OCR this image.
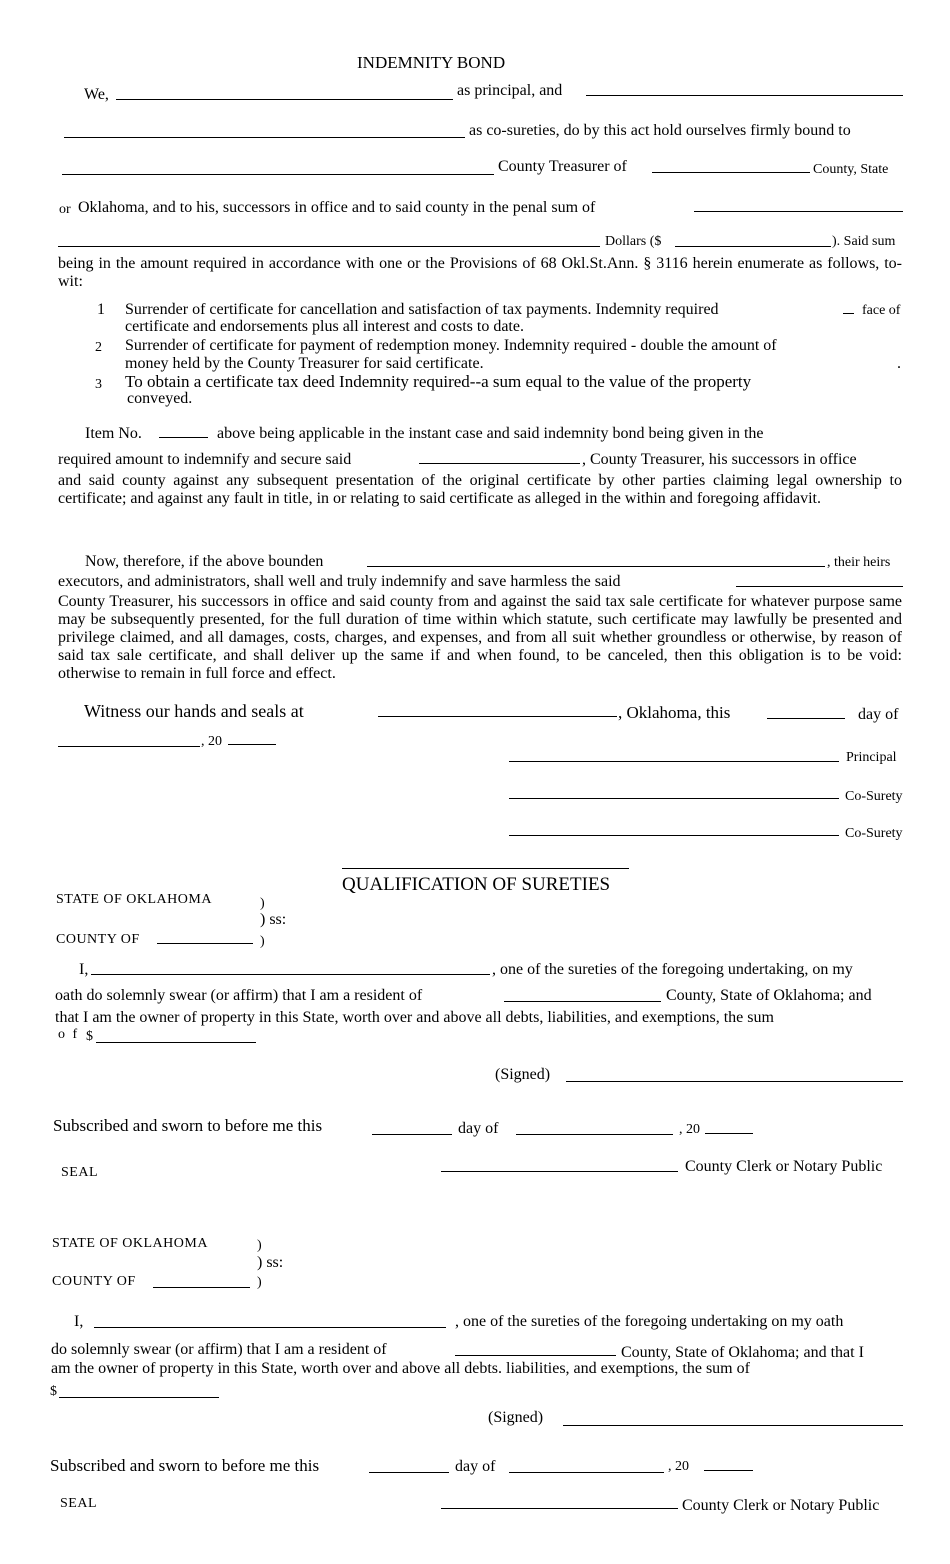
INDEMNITY BOND
We,	as principal, and
as co-sureties, do by this act hold ourselves firmly bound to
County Treasurer of	County, State
or Oklahoma, and to his, successors in office and to said county in the penal sum of
Dollars ($	). Said sum
being in the amount required in accordance with one or the Provisions of 68 Okl.St.Ann. § 3116 herein enumerate as follows, to-wit:
1 Surrender of certificate for cancellation and satisfaction of tax payments. Indemnity required	face of
certificate and endorsements plus all interest and costs to date.
2 Surrender of certificate for payment of redemption money. Indemnity required - double the amount of
money held by the County Treasurer for said certificate.	.
3 To obtain a certificate tax deed Indemnity required--a sum equal to the value of the property
conveyed.
Item No.	above being applicable in the instant case and said indemnity bond being given in the
required amount to indemnify and secure said	, County Treasurer, his successors in office
and said county against any subsequent presentation of the original certificate by other parties claiming legal ownership to certificate; and against any fault in title, in or relating to said certificate as alleged in the within and foregoing affidavit.
Now, therefore, if the above bounden	, their heirs
executors, and administrators, shall well and truly indemnify and save harmless the said
County Treasurer, his successors in office and said county from and against the said tax sale certificate for whatever purpose same may be subsequently presented, for the full duration of time within which statute, such certificate may lawfully be presented and privilege claimed, and all damages, costs, charges, and expenses, and from all suit whether groundless or otherwise, by reason of said tax sale certificate, and shall deliver up the same if and when found, to be canceled, then this obligation is to be void: otherwise to remain in full force and effect.
Witness our hands and seals at	, Oklahoma, this	day of
, 20
Principal
Co-Surety
Co-Surety
QUALIFICATION OF SURETIES
STATE OF OKLAHOMA	)
) ss:
COUNTY OF	)
I,	, one of the sureties of the foregoing undertaking, on my
oath do solemnly swear (or affirm) that I am a resident of	County, State of Oklahoma; and
that I am the owner of property in this State, worth over and above all debts, liabilities, and exemptions, the sum
o f $
(Signed)
Subscribed and sworn to before me this	day of	, 20
SEAL	County Clerk or Notary Public
STATE OF OKLAHOMA	)
) ss:
COUNTY OF	)
I,	, one of the sureties of the foregoing undertaking on my oath
do solemnly swear (or affirm) that I am a resident of	County, State of Oklahoma; and that I
am the owner of property in this State, worth over and above all debts. liabilities, and exemptions, the sum of
$
(Signed)
Subscribed and sworn to before me this	day of	, 20
SEAL	County Clerk or Notary Public
